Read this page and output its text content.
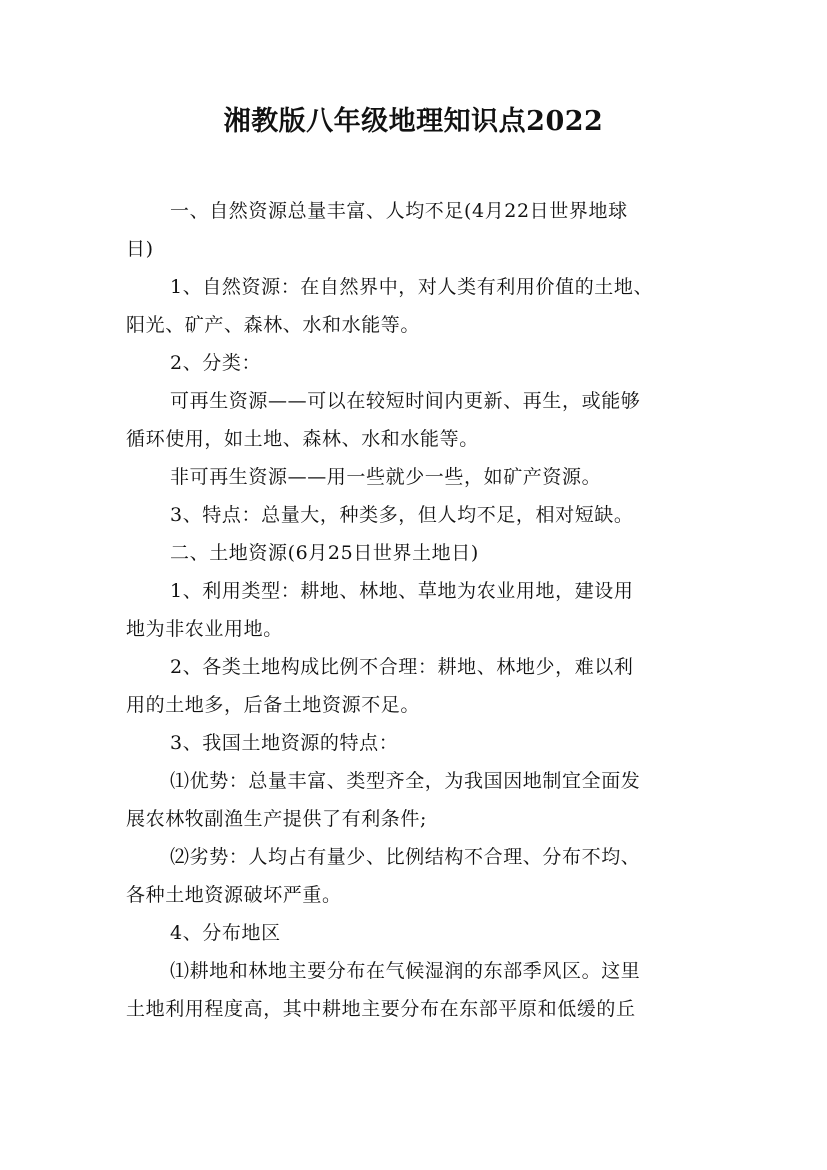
湘教版八年级地理知识点2022
一、自然资源总量丰富、人均不足(4月22日世界地球
日)
1、自然资源：在自然界中，对人类有利用价值的土地、
阳光、矿产、森林、水和水能等。
2、分类：
可再生资源——可以在较短时间内更新、再生，或能够
循环使用，如土地、森林、水和水能等。
非可再生资源——用一些就少一些，如矿产资源。
3、特点：总量大，种类多，但人均不足，相对短缺。
二、土地资源(6月25日世界土地日)
1、利用类型：耕地、林地、草地为农业用地，建设用
地为非农业用地。
2、各类土地构成比例不合理：耕地、林地少，难以利
用的土地多，后备土地资源不足。
3、我国土地资源的特点：
⑴优势：总量丰富、类型齐全，为我国因地制宜全面发
展农林牧副渔生产提供了有利条件;
⑵劣势：人均占有量少、比例结构不合理、分布不均、
各种土地资源破坏严重。
4、分布地区
⑴耕地和林地主要分布在气候湿润的东部季风区。这里
土地利用程度高，其中耕地主要分布在东部平原和低缓的丘
